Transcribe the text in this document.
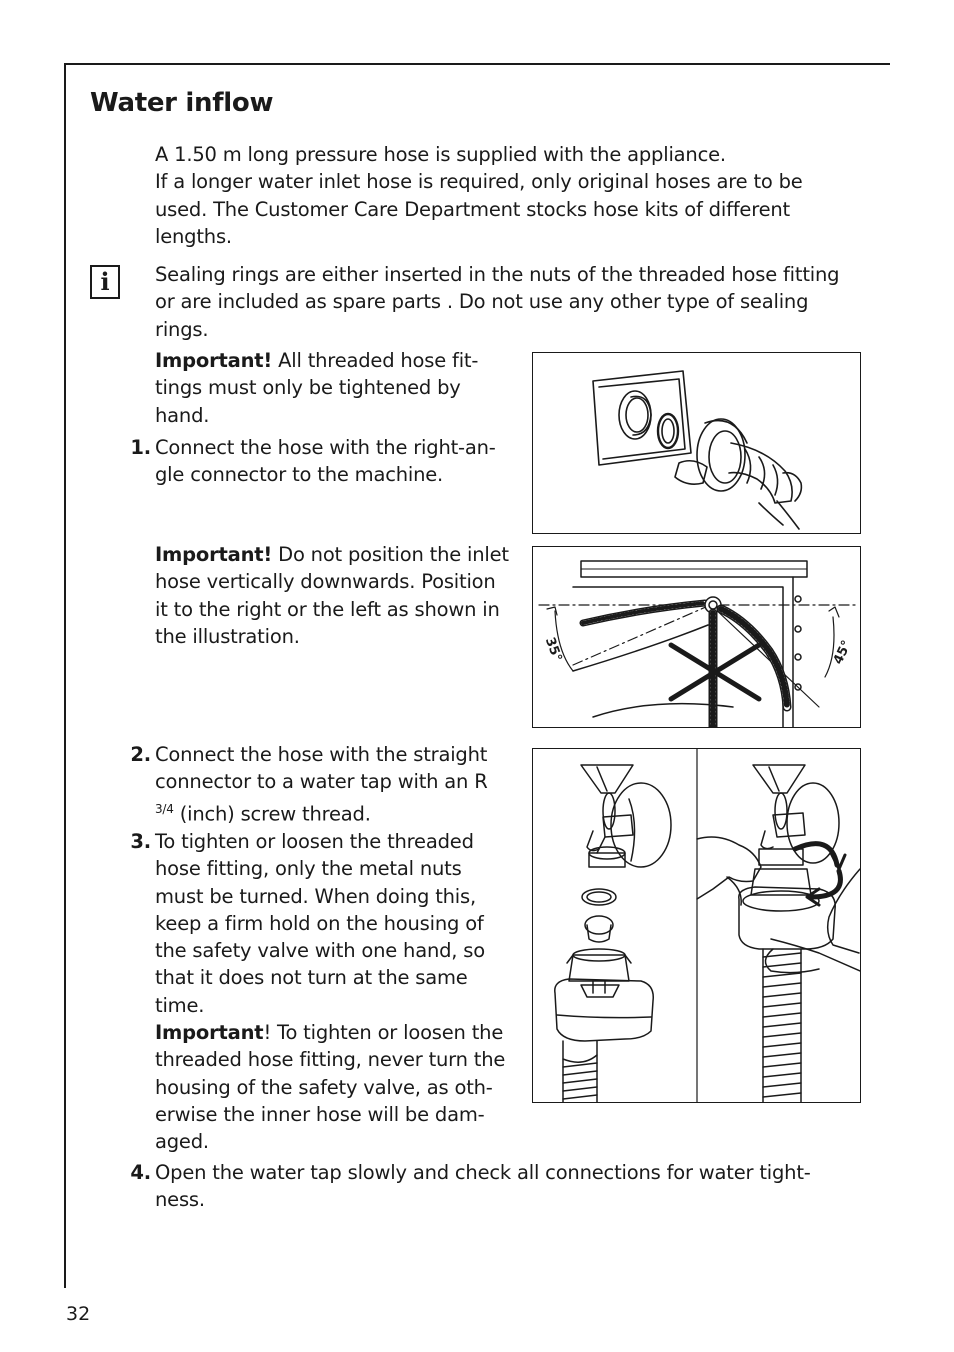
Water inflow
A 1.50 m long pressure hose is supplied with the appliance.
If a longer water inlet hose is required, only original hoses are to be
used. The Customer Care Department stocks hose kits of different
lengths.
i	Sealing rings are either inserted in the nuts of the threaded hose fitting
or are included as spare parts . Do not use any other type of sealing
rings.
Important! All threaded hose fit-
tings must only be tightened by
hand.
1. Connect the hose with the right-an-
gle connector to the machine.
Important! Do not position the inlet
hose vertically downwards. Position
it to the right or the left as shown in
the illustration.	35°	45°
2. Connect the hose with the straight
connector to a water tap with an R
$^{3/4}$ (inch) screw thread.
3. To tighten or loosen the threaded
hose fitting, only the metal nuts
must be turned. When doing this,
keep a firm hold on the housing of
the safety valve with one hand, so
that it does not turn at the same
time.
Important! To tighten or loosen the
threaded hose fitting, never turn the
housing of the safety valve, as oth-
erwise the inner hose will be dam-
aged.
4. Open the water tap slowly and check all connections for water tight-
ness.
32
